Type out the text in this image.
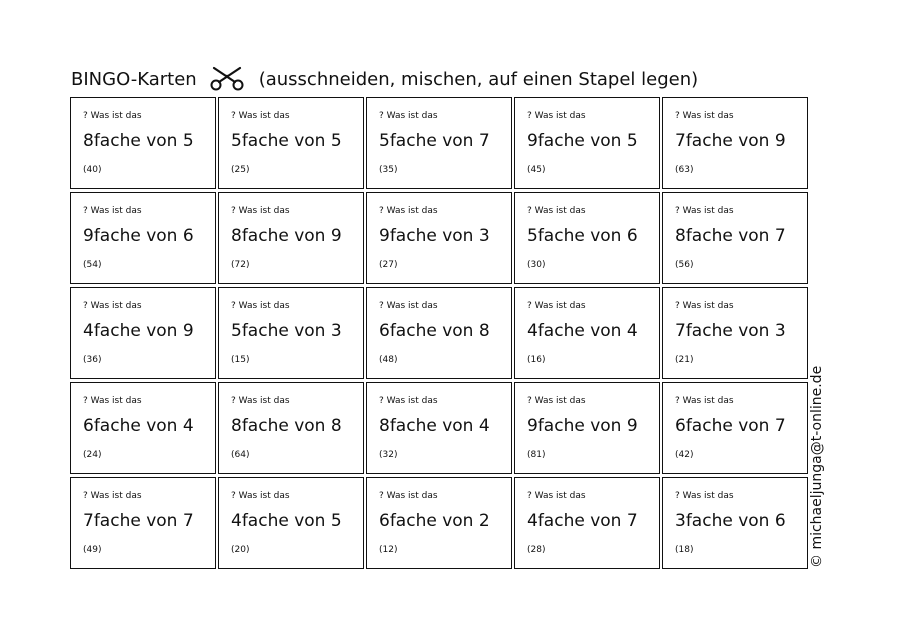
BINGO-Karten	(ausschneiden, mischen, auf einen Stapel legen)
? Was ist das
8fache von 5
(40)
? Was ist das
5fache von 5
(25)
? Was ist das
5fache von 7
(35)
? Was ist das
9fache von 5
(45)
? Was ist das
7fache von 9
(63)
? Was ist das
9fache von 6
(54)
? Was ist das
8fache von 9
(72)
? Was ist das
9fache von 3
(27)
? Was ist das
5fache von 6
(30)
? Was ist das
8fache von 7
(56)
? Was ist das
4fache von 9
(36)
? Was ist das
5fache von 3
(15)
? Was ist das
6fache von 8
(48)
? Was ist das
4fache von 4
(16)
? Was ist das
7fache von 3
(21)
? Was ist das
6fache von 4
(24)
? Was ist das
8fache von 8
(64)
? Was ist das
8fache von 4
(32)
? Was ist das
9fache von 9
(81)
? Was ist das
6fache von 7
(42)
? Was ist das
7fache von 7
(49)
? Was ist das
4fache von 5
(20)
? Was ist das
6fache von 2
(12)
? Was ist das
4fache von 7
(28)
? Was ist das
3fache von 6
(18)	© michaeljunga@t-online.de
